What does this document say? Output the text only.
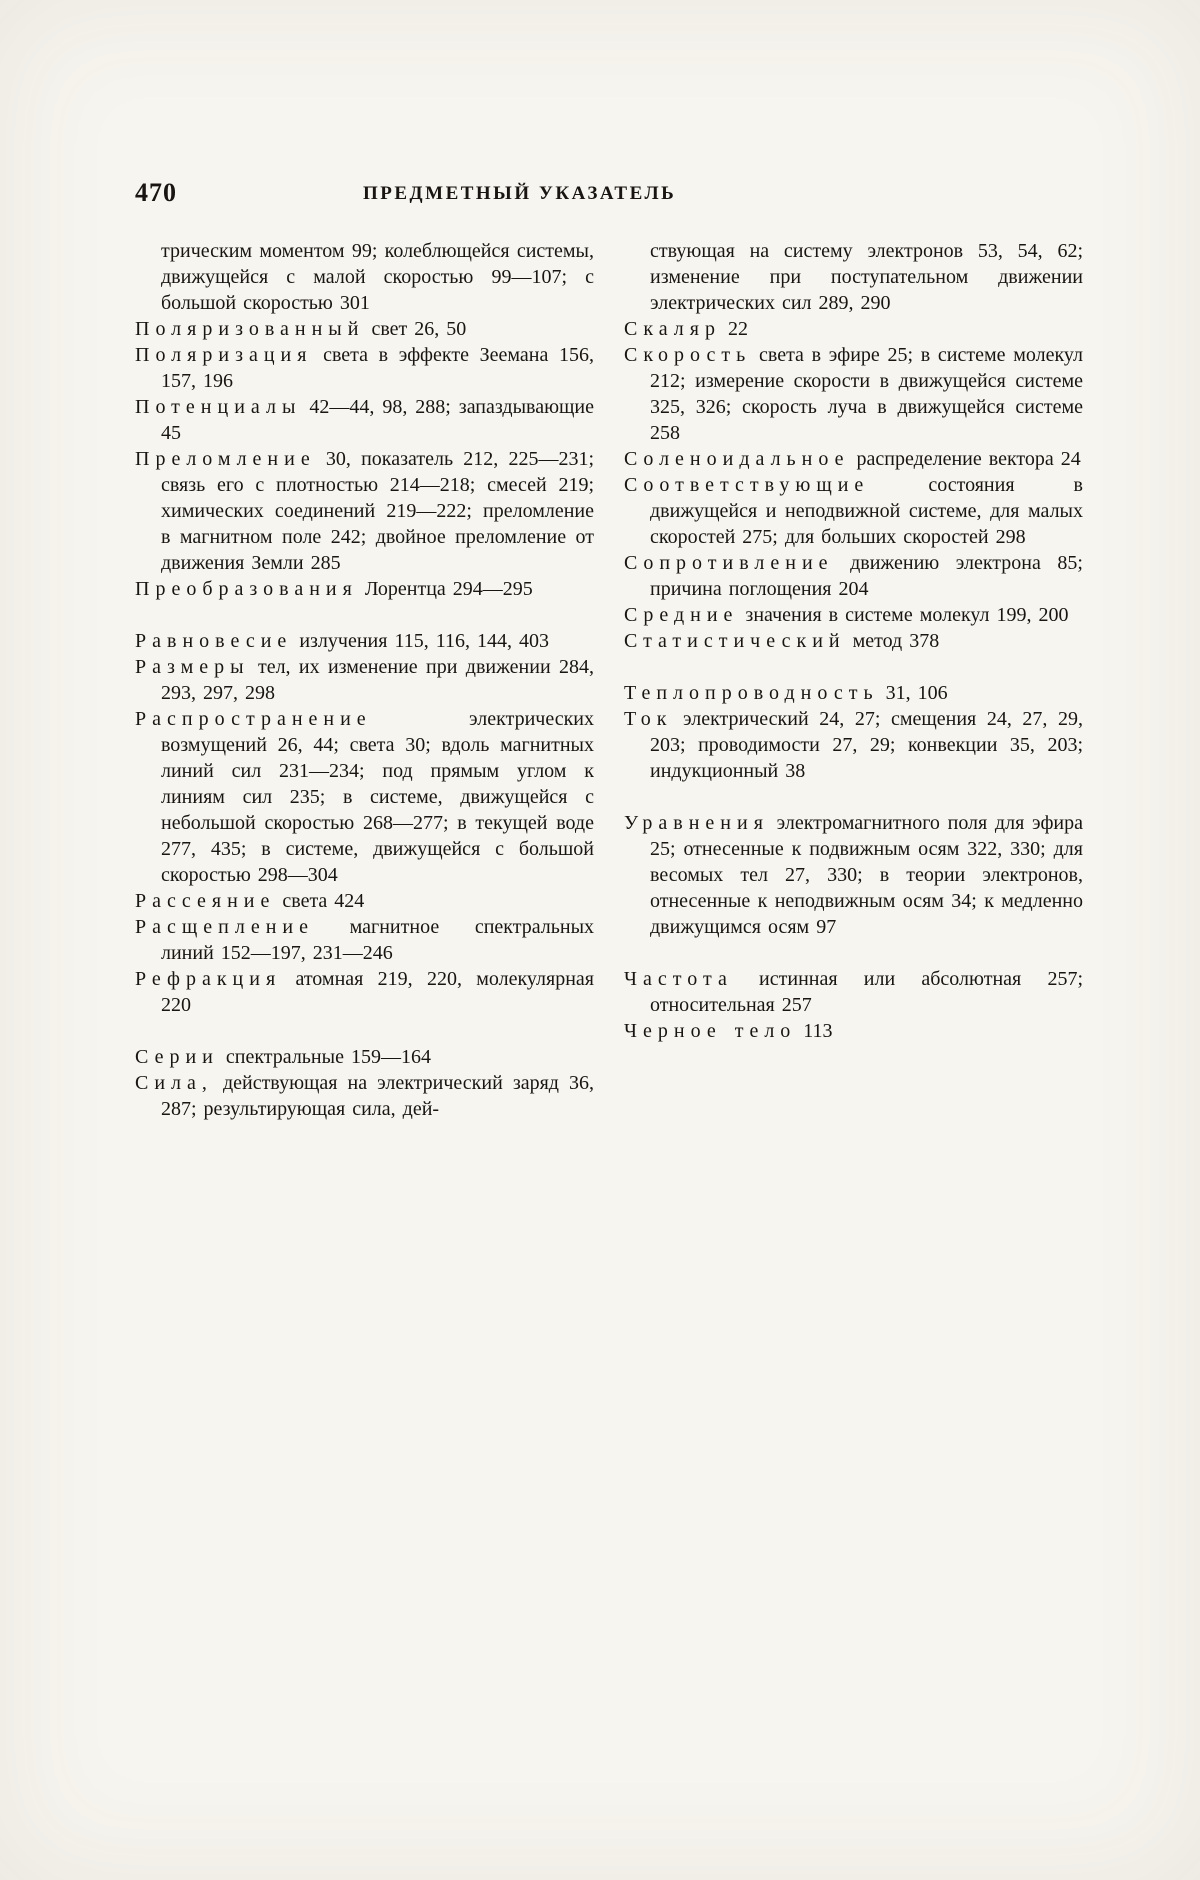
470	ПРЕДМЕТНЫЙ УКАЗАТЕЛЬ
трическим моментом 99; колеблющейся системы, движущейся с малой скоростью 99—107; с большой скоростью 301
Поляризованный свет 26, 50
Поляризация света в эффекте Зеемана 156, 157, 196
Потенциалы 42—44, 98, 288; запаздывающие 45
Преломление 30, показатель 212, 225—231; связь его с плотностью 214—218; смесей 219; химических соединений 219—222; преломление в магнитном поле 242; двойное преломление от движения Земли 285
Преобразования Лорентца 294—295
Равновесие излучения 115, 116, 144, 403
Размеры тел, их изменение при движении 284, 293, 297, 298
Распространение	электрических возмущений 26, 44; света 30; вдоль магнитных линий сил 231—234; под прямым углом к линиям сил 235; в системе, движущейся с небольшой скоростью 268—277; в текущей воде 277, 435; в системе, движущейся с большой скоростью 298—304
Рассеяние света 424
Расщепление магнитное спектральных линий 152—197, 231—246
Рефракция атомная 219, 220, молекулярная 220
Серии спектральные 159—164
Сила, действующая на электрический заряд 36, 287; результирующая сила, дей-
ствующая на систему электронов 53, 54, 62; изменение при поступательном движении электрических сил 289, 290
Скаляр 22
Скорость света в эфире 25; в системе молекул 212; измерение скорости в движущейся системе 325, 326; скорость луча в движущейся системе 258
Соленоидальное распределение вектора 24
Соответствующие	состояния в движущейся и неподвижной системе, для малых скоростей 275; для больших скоростей 298
Сопротивление движению электрона 85; причина поглощения 204
Средние значения в системе молекул 199, 200
Статистический метод 378
Теплопроводность 31, 106
Ток электрический 24, 27; смещения 24, 27, 29, 203; проводимости 27, 29; конвекции 35, 203; индукционный 38
Уравнения электромагнитного поля для эфира 25; отнесенные к подвижным осям 322, 330; для весомых тел 27, 330; в теории электронов, отнесенные к неподвижным осям 34; к медленно движущимся осям 97
Частота истинная или абсолютная 257; относительная 257
Черное тело 113
